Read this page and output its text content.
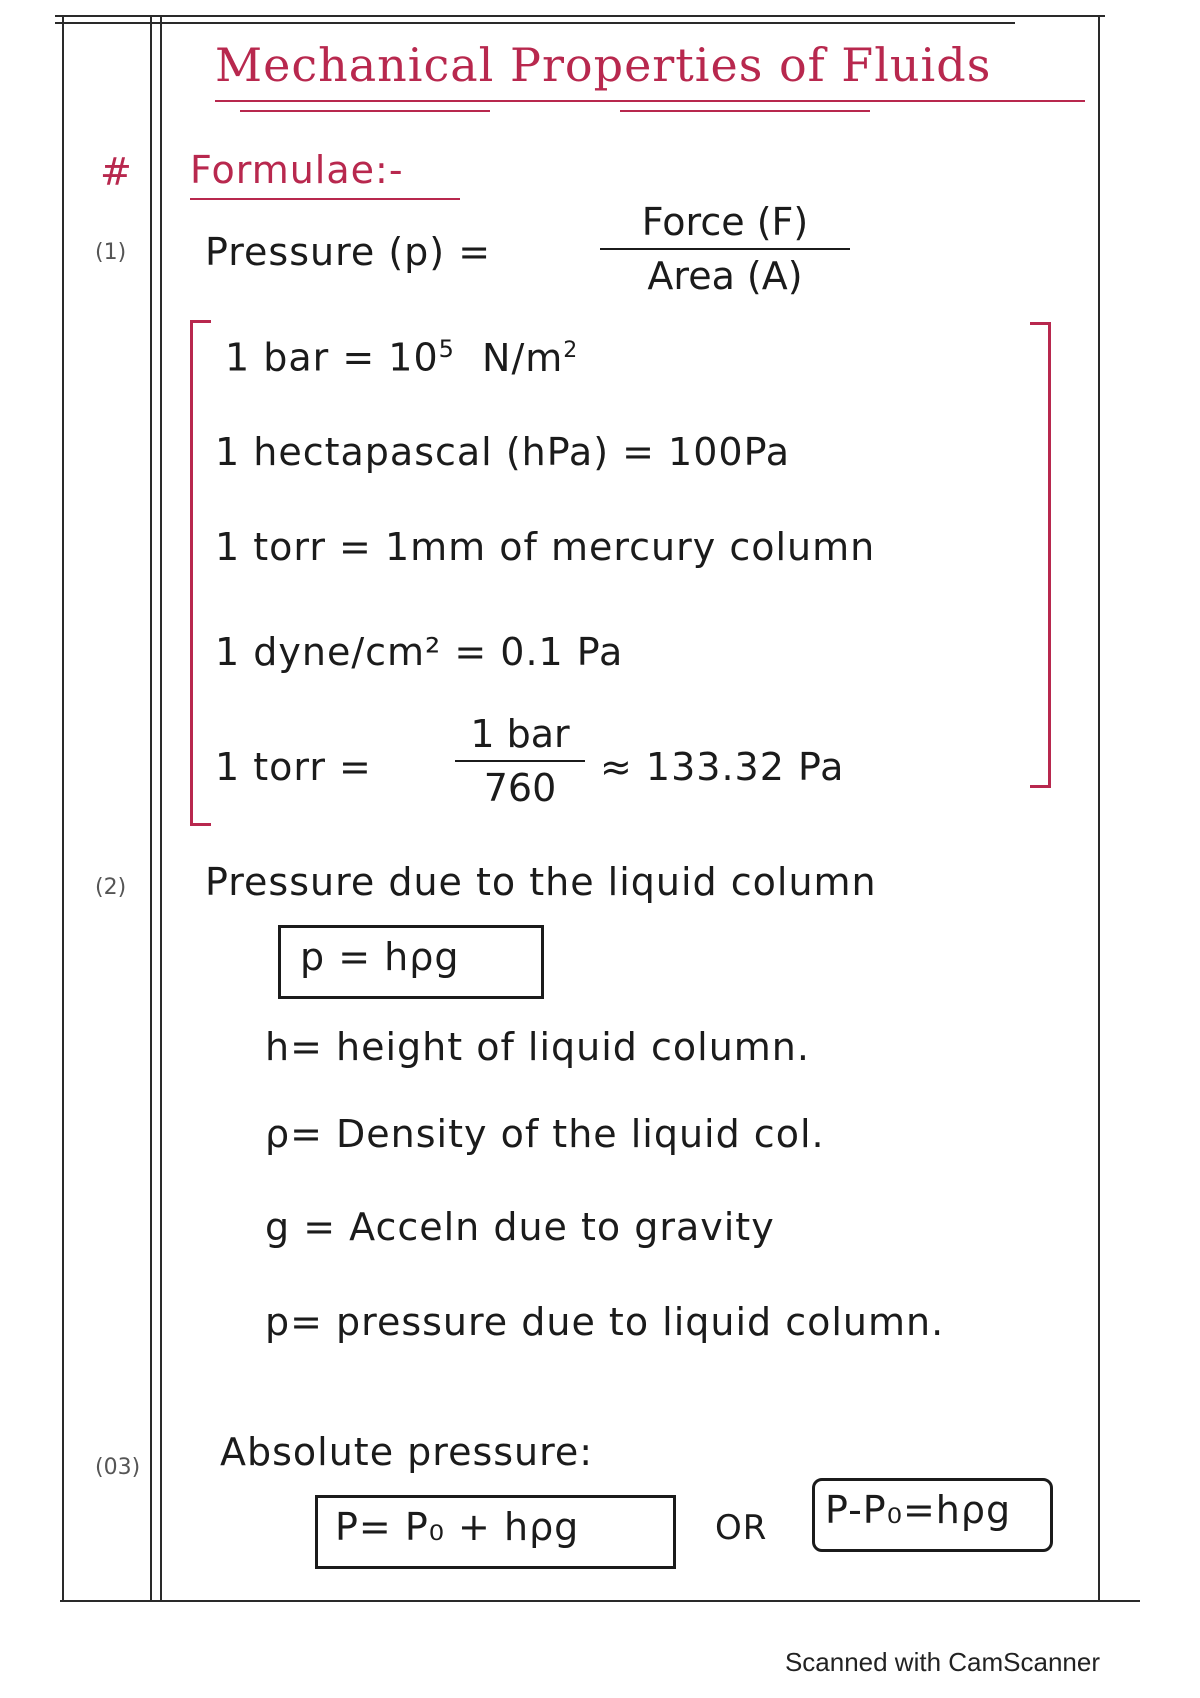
Mechanical Properties of Fluids
# Formulae:-
(1)
(2)
(03)
Pressure (p) =
Force (F)
Area (A)
1 bar = $10^5$ $N/m^2$
1 hectapascal (hPa) = 100Pa
1 torr = 1mm of mercury column
1 dyne/cm² = 0.1 Pa
1 torr =
1 bar
760	≈ 133.32 Pa
Pressure due to the liquid column
p = hρg
h= height of liquid column.
ρ= Density of the liquid col.
g = Acceln due to gravity
p= pressure due to liquid column.
Absolute pressure:
P= P₀ + hρg	OR P-P₀=hρg
Scanned with CamScanner
